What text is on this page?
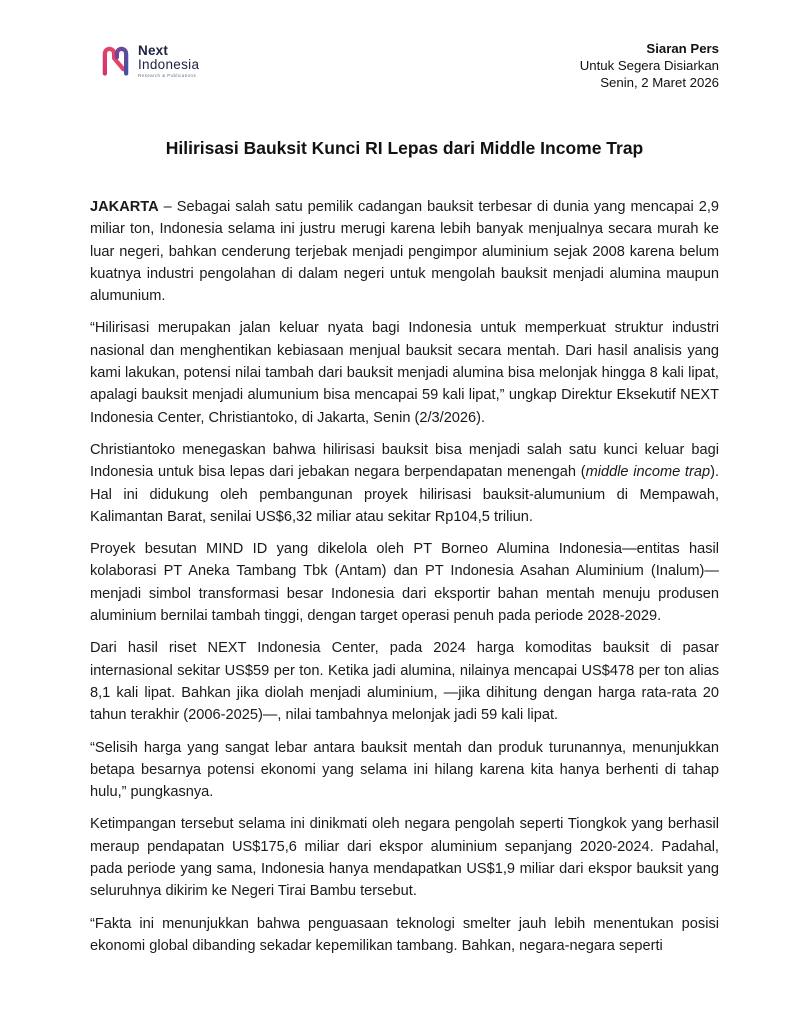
Next
Indonesia
Research & Publications
Siaran Pers
Untuk Segera Disiarkan
Senin, 2 Maret 2026
Hilirisasi Bauksit Kunci RI Lepas dari Middle Income Trap

JAKARTA – Sebagai salah satu pemilik cadangan bauksit terbesar di dunia yang mencapai 2,9 miliar ton, Indonesia selama ini justru merugi karena lebih banyak menjualnya secara murah ke luar negeri, bahkan cenderung terjebak menjadi pengimpor aluminium sejak 2008 karena belum kuatnya industri pengolahan di dalam negeri untuk mengolah bauksit menjadi alumina maupun alumunium.

“Hilirisasi merupakan jalan keluar nyata bagi Indonesia untuk memperkuat struktur industri nasional dan menghentikan kebiasaan menjual bauksit secara mentah. Dari hasil analisis yang kami lakukan, potensi nilai tambah dari bauksit menjadi alumina bisa melonjak hingga 8 kali lipat, apalagi bauksit menjadi alumunium bisa mencapai 59 kali lipat,” ungkap Direktur Eksekutif NEXT Indonesia Center, Christiantoko, di Jakarta, Senin (2/3/2026).

Christiantoko menegaskan bahwa hilirisasi bauksit bisa menjadi salah satu kunci keluar bagi Indonesia untuk bisa lepas dari jebakan negara berpendapatan menengah (middle income trap). Hal ini didukung oleh pembangunan proyek hilirisasi bauksit-alumunium di Mempawah, Kalimantan Barat, senilai US$6,32 miliar atau sekitar Rp104,5 triliun.

Proyek besutan MIND ID yang dikelola oleh PT Borneo Alumina Indonesia—entitas hasil kolaborasi PT Aneka Tambang Tbk (Antam) dan PT Indonesia Asahan Aluminium (Inalum)—menjadi simbol transformasi besar Indonesia dari eksportir bahan mentah menuju produsen aluminium bernilai tambah tinggi, dengan target operasi penuh pada periode 2028-2029.

Dari hasil riset NEXT Indonesia Center, pada 2024 harga komoditas bauksit di pasar internasional sekitar US$59 per ton. Ketika jadi alumina, nilainya mencapai US$478 per ton alias 8,1 kali lipat. Bahkan jika diolah menjadi aluminium, —jika dihitung dengan harga rata-rata 20 tahun terakhir (2006-2025)—, nilai tambahnya melonjak jadi 59 kali lipat.

“Selisih harga yang sangat lebar antara bauksit mentah dan produk turunannya, menunjukkan betapa besarnya potensi ekonomi yang selama ini hilang karena kita hanya berhenti di tahap hulu,” pungkasnya.

Ketimpangan tersebut selama ini dinikmati oleh negara pengolah seperti Tiongkok yang berhasil meraup pendapatan US$175,6 miliar dari ekspor aluminium sepanjang 2020-2024. Padahal, pada periode yang sama, Indonesia hanya mendapatkan US$1,9 miliar dari ekspor bauksit yang seluruhnya dikirim ke Negeri Tirai Bambu tersebut.

“Fakta ini menunjukkan bahwa penguasaan teknologi smelter jauh lebih menentukan posisi ekonomi global dibanding sekadar kepemilikan tambang. Bahkan, negara-negara seperti
